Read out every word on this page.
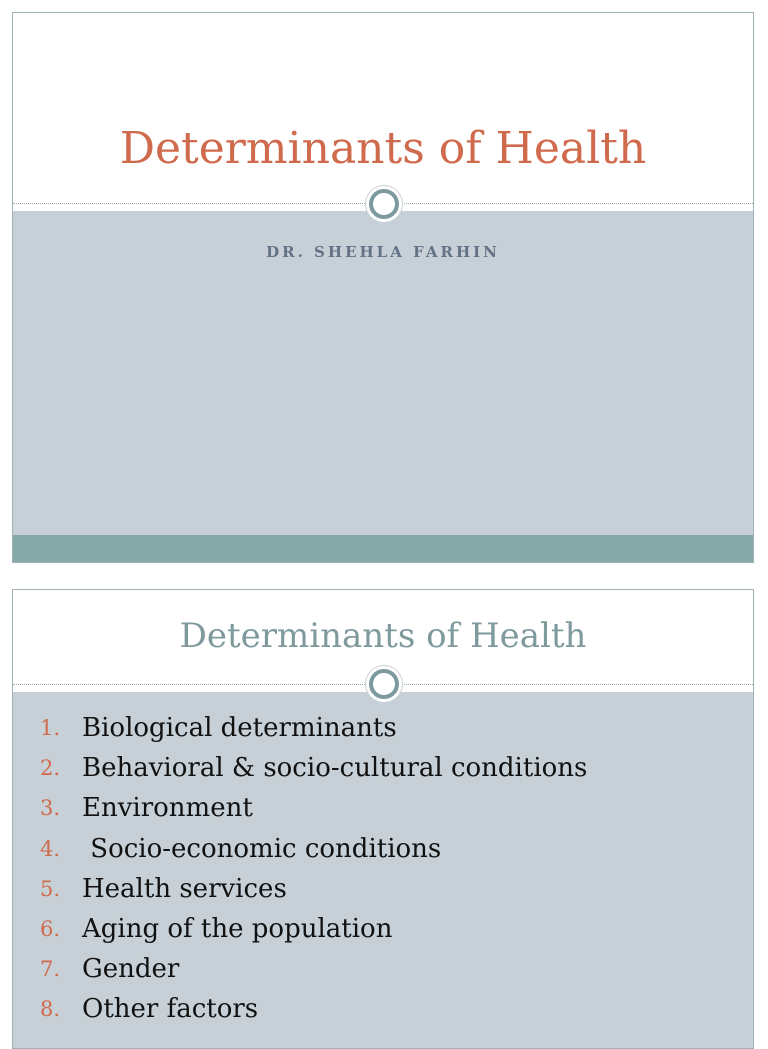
Determinants of Health

DR. SHEHLA FARHIN

Determinants of Health
1. Biological determinants
2. Behavioral & socio-cultural conditions
3. Environment
4. Socio-economic conditions
5. Health services
6. Aging of the population
7. Gender
8. Other factors
